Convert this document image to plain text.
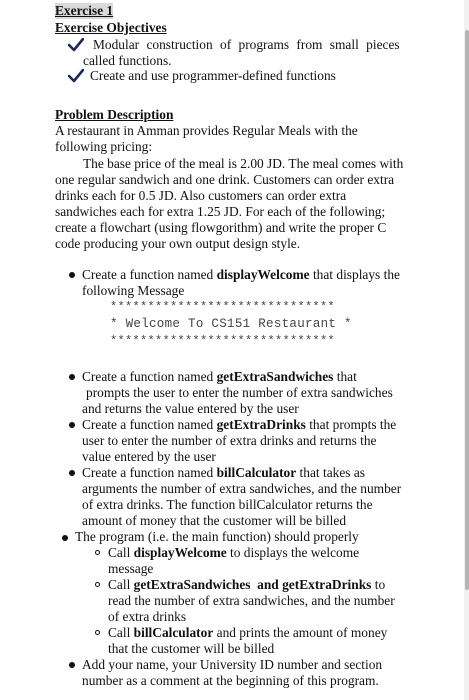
Exercise 1
Exercise Objectives
Modular construction of programs from small pieces
called functions.
Create and use programmer-defined functions
Problem Description
A restaurant in Amman provides Regular Meals with the
following pricing:
The base price of the meal is 2.00 JD. The meal comes with
one regular sandwich and one drink. Customers can order extra
drinks each for 0.5 JD. Also customers can order extra
sandwiches each for extra 1.25 JD. For each of the following;
create a flowchart (using flowgorithm) and write the proper C
code producing your own output design style.
Create a function named displayWelcome that displays the
following Message
******************************
* Welcome To CS151 Restaurant *
******************************
Create a function named getExtraSandwiches that
prompts the user to enter the number of extra sandwiches
and returns the value entered by the user
Create a function named getExtraDrinks that prompts the
user to enter the number of extra drinks and returns the
value entered by the user
Create a function named billCalculator that takes as
arguments the number of extra sandwiches, and the number
of extra drinks. The function billCalculator returns the
amount of money that the customer will be billed
The program (i.e. the main function) should properly
Call displayWelcome to displays the welcome
message
Call getExtraSandwiches  and getExtraDrinks to
read the number of extra sandwiches, and the number
of extra drinks
Call billCalculator and prints the amount of money
that the customer will be billed
Add your name, your University ID number and section
number as a comment at the beginning of this program.
